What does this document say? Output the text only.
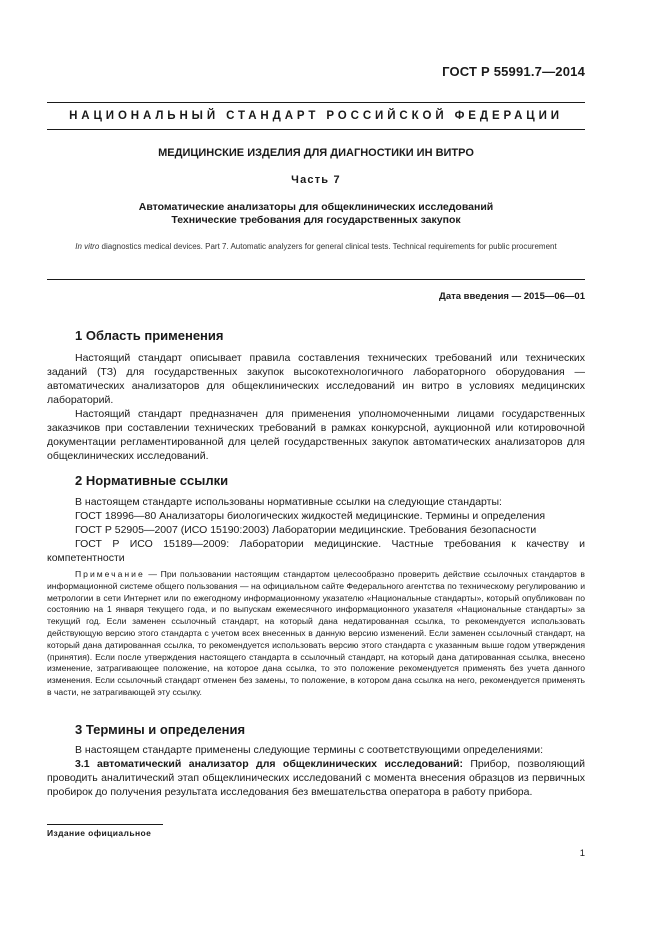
ГОСТ Р 55991.7—2014
НАЦИОНАЛЬНЫЙ СТАНДАРТ РОССИЙСКОЙ ФЕДЕРАЦИИ
МЕДИЦИНСКИЕ ИЗДЕЛИЯ ДЛЯ ДИАГНОСТИКИ ИН ВИТРО
Часть 7
Автоматические анализаторы для общеклинических исследований
Технические требования для государственных закупок
In vitro diagnostics medical devices. Part 7. Automatic analyzers for general clinical tests. Technical requirements for public procurement
Дата введения — 2015—06—01
1 Область применения

Настоящий стандарт описывает правила составления технических требований или технических заданий (ТЗ) для государственных закупок высокотехнологичного лабораторного оборудования — автоматических анализаторов для общеклинических исследований ин витро в условиях медицинских лабораторий.

Настоящий стандарт предназначен для применения уполномоченными лицами государственных заказчиков при составлении технических требований в рамках конкурсной, аукционной или котировочной документации регламентированной для целей государственных закупок автоматических анализаторов для общеклинических исследований.

2 Нормативные ссылки

В настоящем стандарте использованы нормативные ссылки на следующие стандарты:

ГОСТ 18996—80 Анализаторы биологических жидкостей медицинские. Термины и определения

ГОСТ Р 52905—2007 (ИСО 15190:2003) Лаборатории медицинские. Требования безопасности

ГОСТ Р ИСО 15189—2009: Лаборатории медицинские. Частные требования к качеству и компетентности

Примечание — При пользовании настоящим стандартом целесообразно проверить действие ссылочных стандартов в информационной системе общего пользования — на официальном сайте Федерального агентства по техническому регулированию и метрологии в сети Интернет или по ежегодному информационному указателю «Национальные стандарты», который опубликован по состоянию на 1 января текущего года, и по выпускам ежемесячного информационного указателя «Национальные стандарты» за текущий год. Если заменен ссылочный стандарт, на который дана недатированная ссылка, то рекомендуется использовать действующую версию этого стандарта с учетом всех внесенных в данную версию изменений. Если заменен ссылочный стандарт, на который дана датированная ссылка, то рекомендуется использовать версию этого стандарта с указанным выше годом утверждения (принятия). Если после утверждения настоящего стандарта в ссылочный стандарт, на который дана датированная ссылка, внесено изменение, затрагивающее положение, на которое дана ссылка, то это положение рекомендуется применять без учета данного изменения. Если ссылочный стандарт отменен без замены, то положение, в котором дана ссылка на него, рекомендуется применять в части, не затрагивающей эту ссылку.
3 Термины и определения

В настоящем стандарте применены следующие термины с соответствующими определениями:

3.1 автоматический анализатор для общеклинических исследований: Прибор, позволяющий проводить аналитический этап общеклинических исследований с момента внесения образцов из первичных пробирок до получения результата исследования без вмешательства оператора в работу прибора.

Издание официальное
1
